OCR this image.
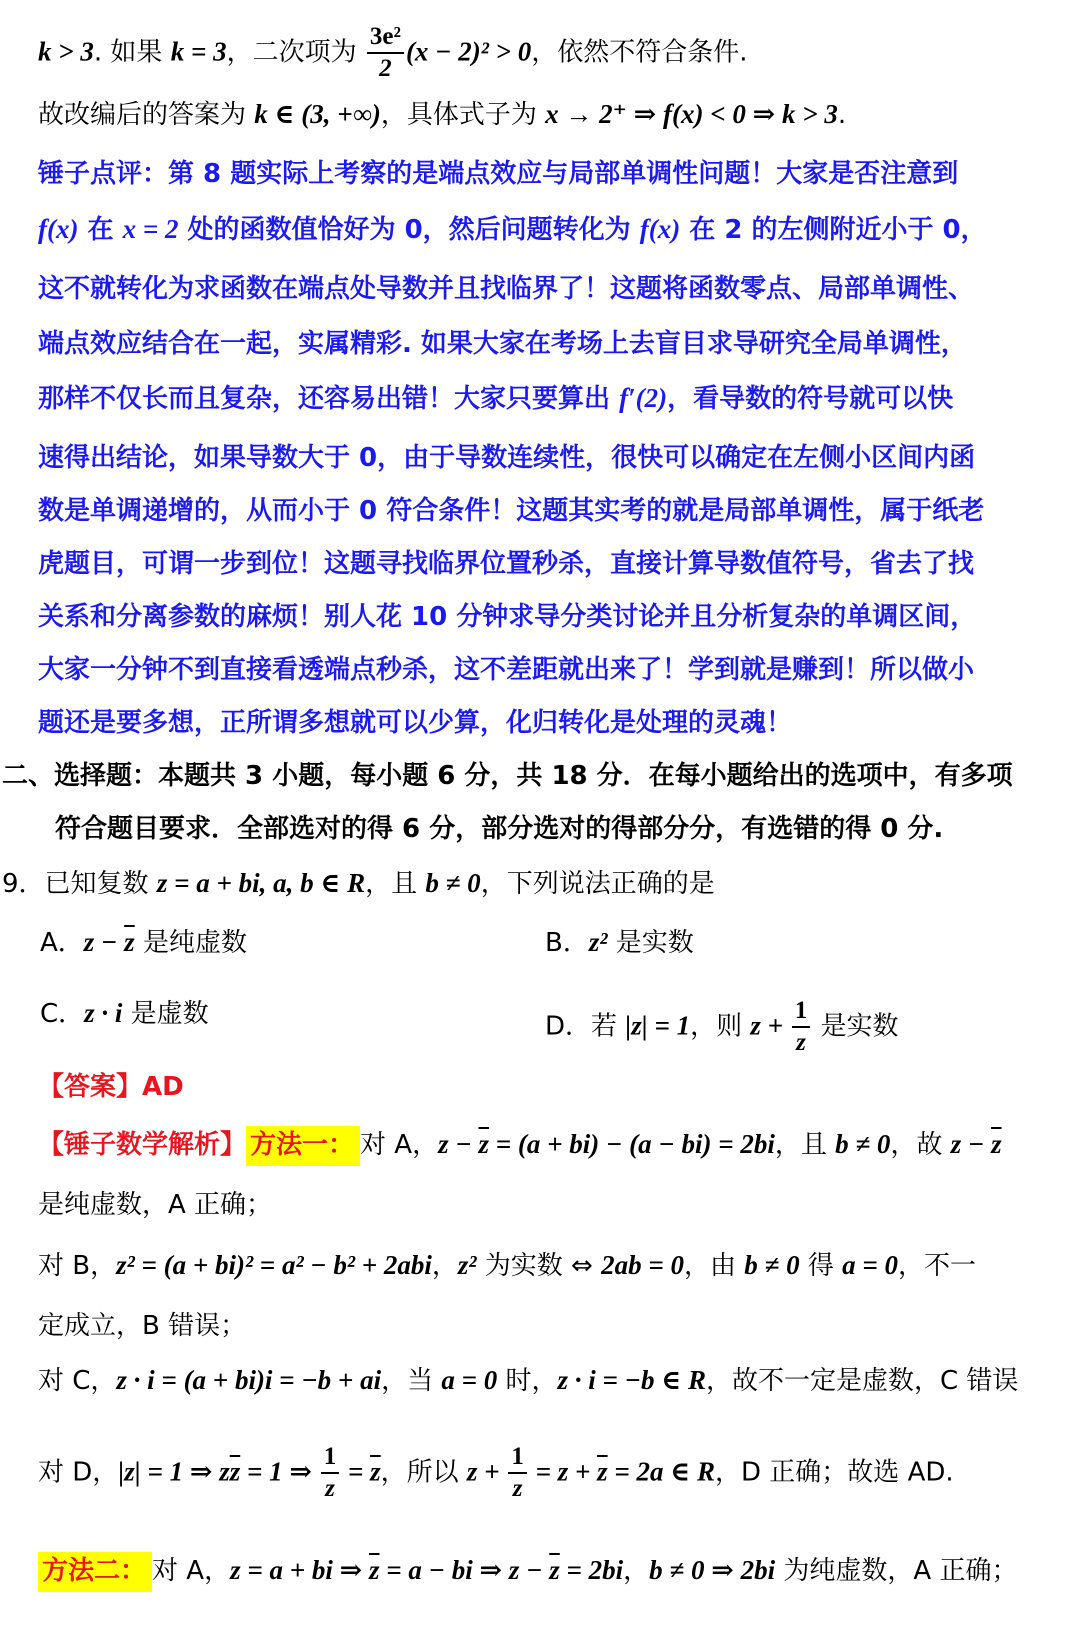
k > 3. 如果 k = 3，二次项为 $\frac{\text{3e²}}{2} (x - 2)^2 > 0$，依然不符合条件.
故改编后的答案为 k ∈ (3, +∞)，具体式子为 x → 2⁺ ⇒ f(x) < 0 ⇒ k > 3.
锤子点评：第 8 题实际上考察的是端点效应与局部单调性问题！大家是否注意到
f(x) 在 x = 2 处的函数值恰好为 0，然后问题转化为 f(x) 在 2 的左侧附近小于 0，
这不就转化为求函数在端点处导数并且找临界了！这题将函数零点、局部单调性、
端点效应结合在一起，实属精彩. 如果大家在考场上去盲目求导研究全局单调性，
那样不仅长而且复杂，还容易出错！大家只要算出 f′(2)，看导数的符号就可以快
速得出结论，如果导数大于 0，由于导数连续性，很快可以确定在左侧小区间内函
数是单调递增的，从而小于 0 符合条件！这题其实考的就是局部单调性，属于纸老
虎题目，可谓一步到位！这题寻找临界位置秒杀，直接计算导数值符号，省去了找
关系和分离参数的麻烦！别人花 10 分钟求导分类讨论并且分析复杂的单调区间，
大家一分钟不到直接看透端点秒杀，这不差距就出来了！学到就是赚到！所以做小
题还是要多想，正所谓多想就可以少算，化归转化是处理的灵魂！
二、选择题：本题共 3 小题，每小题 6 分，共 18 分．在每小题给出的选项中，有多项
符合题目要求．全部选对的得 6 分，部分选对的得部分分，有选错的得 0 分.
9．已知复数 z = a + bi, a, b ∈ R，且 b ≠ 0，下列说法正确的是
A．$z - \overline{z}$ 是纯虚数	B．z² 是实数
C．z · i 是虚数	D．若 |z| = 1，则 $z + \frac{1}{z}$ 是实数
【答案】AD
【锤子数学解析】 方法一： 对 A，$z - \overline{z} = (a + bi) - (a - bi) = 2bi$，且 b ≠ 0，故 $z - \overline{z}$
是纯虚数，A 正确；
对 B，z² = (a + bi)² = a² − b² + 2abi，z² 为实数 ⇔ 2ab = 0，由 b ≠ 0 得 a = 0，不一
定成立，B 错误；
对 C，z · i = (a + bi)i = −b + ai，当 a = 0 时，z · i = −b ∈ R，故不一定是虚数，C 错误
对 D，|z| = 1 ⇒ $z\overline{z} = 1$ ⇒ $\frac{1}{z} = \overline{z}$，所以 $z + \frac{1}{z} = z + \overline{z} = 2a$ ∈ R，D 正确；故选 AD.
方法二： 对 A，z = a + bi ⇒ $\overline{z} = a$ − bi ⇒ $z - \overline{z} = 2bi$，b ≠ 0 ⇒ 2bi 为纯虚数，A 正确；
